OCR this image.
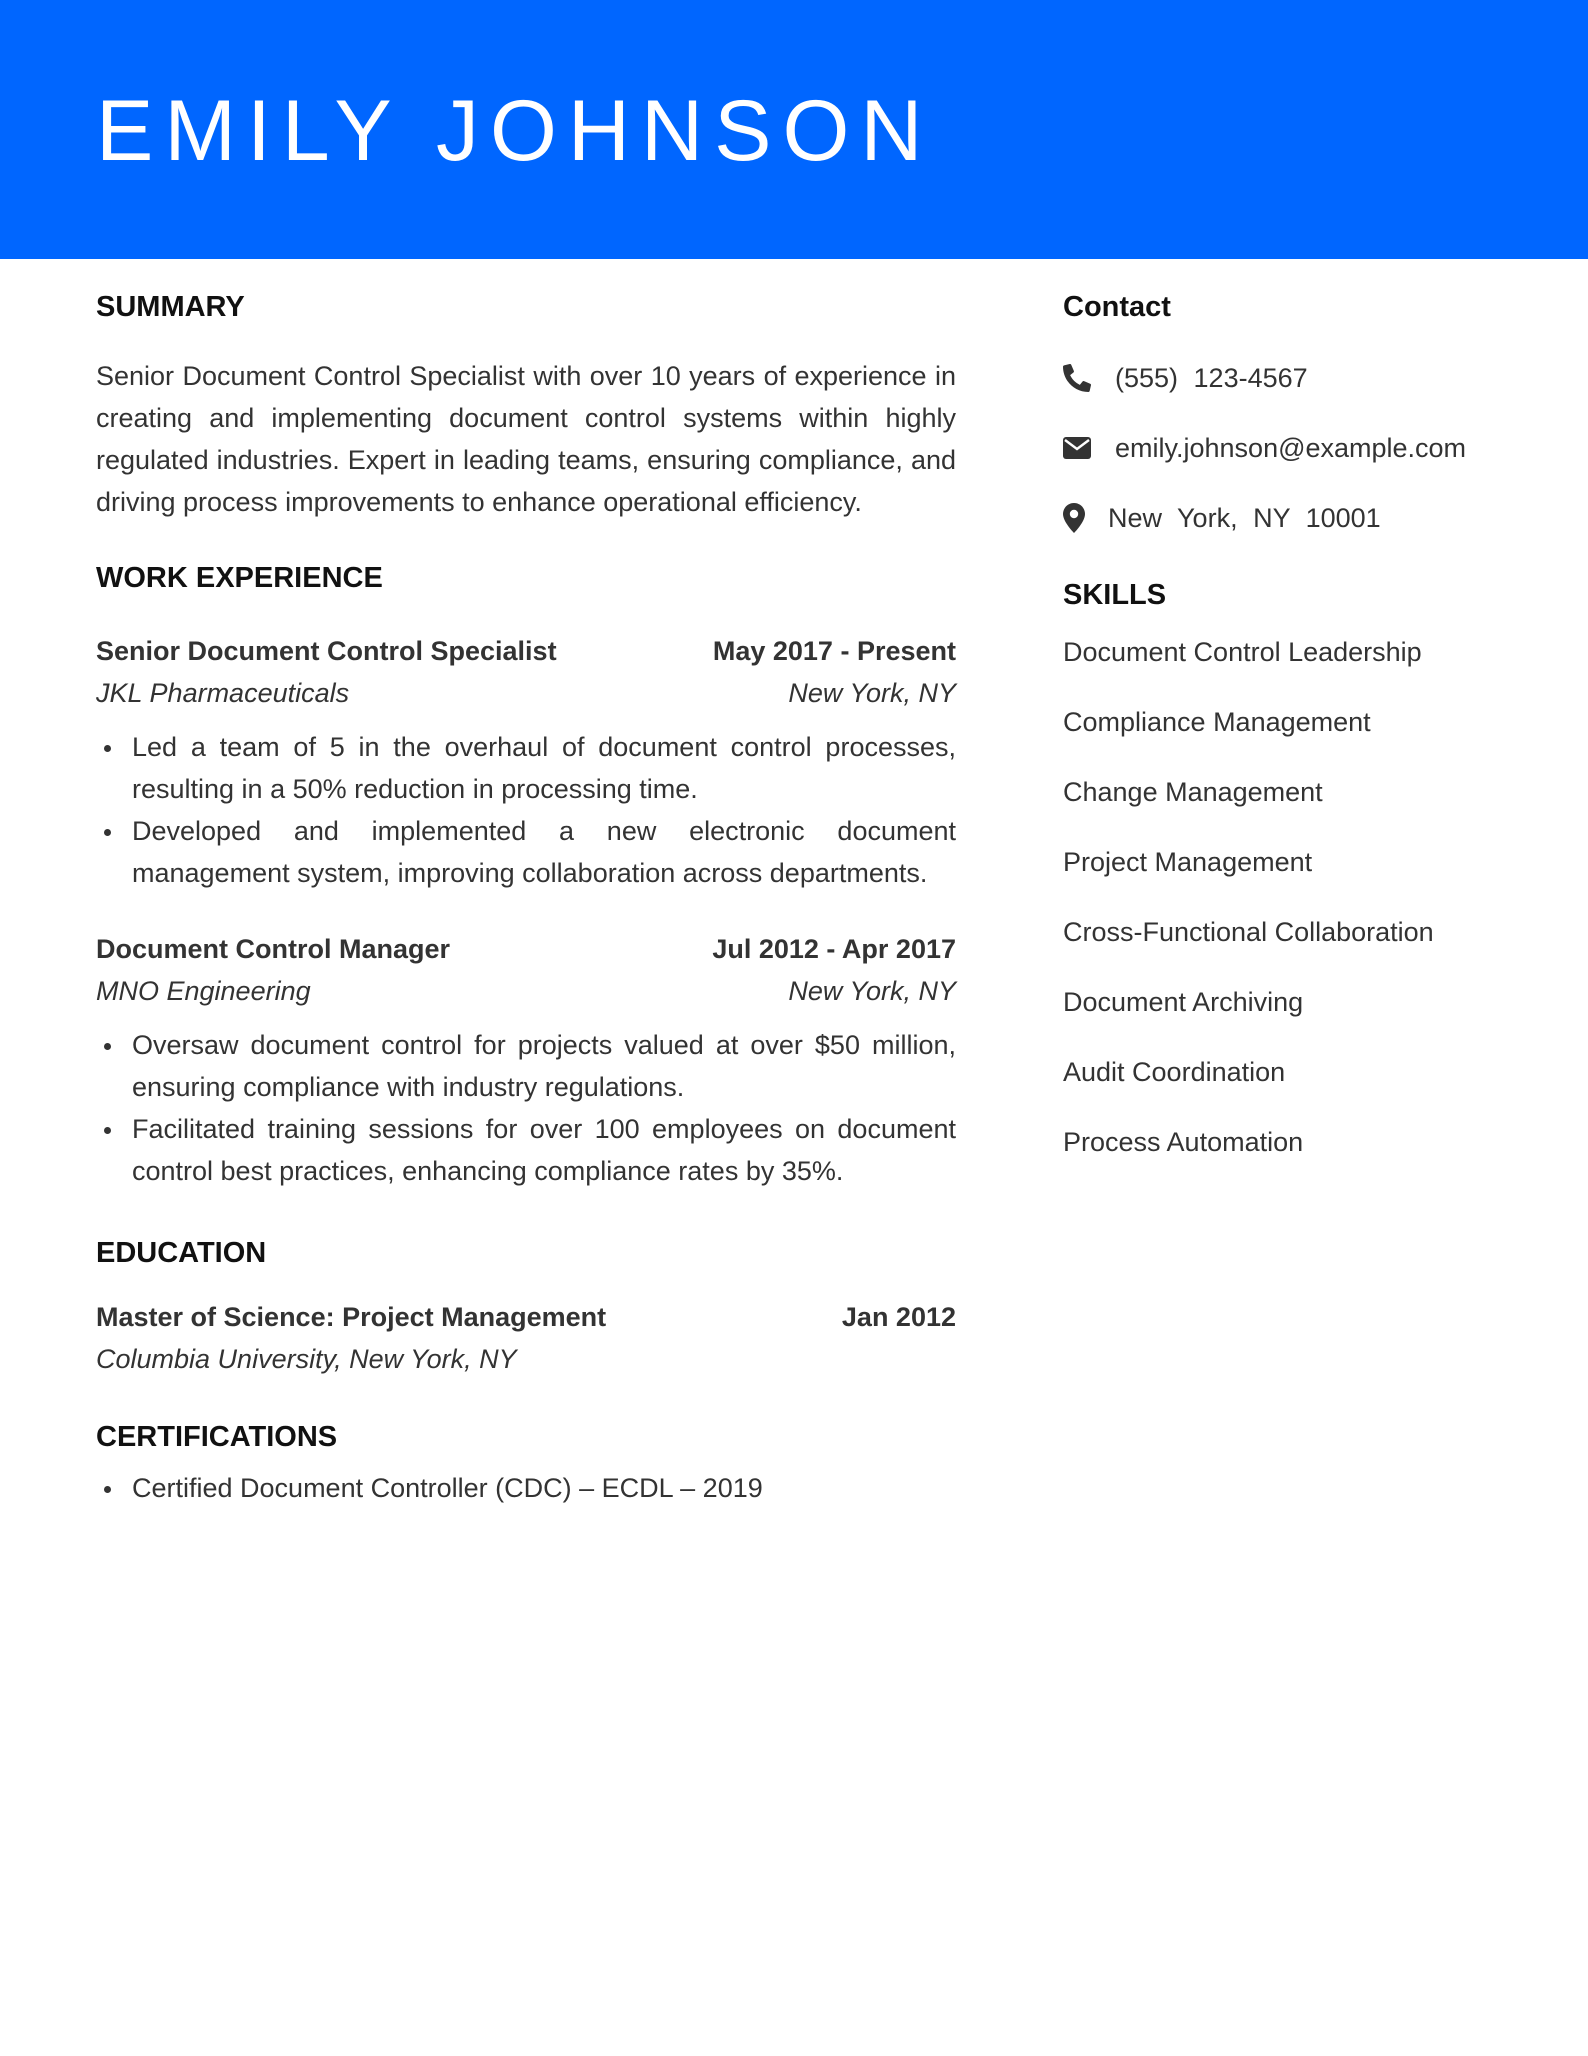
EMILY JOHNSON
SUMMARY

Senior Document Control Specialist with over 10 years of experience in creating and implementing document control systems within highly regulated industries. Expert in leading teams, ensuring compliance, and driving process improvements to enhance operational efficiency.

WORK EXPERIENCE
Senior Document Control Specialist	May 2017 - Present
JKL Pharmaceuticals	New York, NY
Led a team of 5 in the overhaul of document control processes, resulting in a 50% reduction in processing time.
Developed and implemented a new electronic document management system, improving collaboration across departments.
Document Control Manager	Jul 2012 - Apr 2017
MNO Engineering	New York, NY
Oversaw document control for projects valued at over $50 million, ensuring compliance with industry regulations.
Facilitated training sessions for over 100 employees on document control best practices, enhancing compliance rates by 35%.
EDUCATION
Master of Science: Project Management	Jan 2012
Columbia University, New York, NY
CERTIFICATIONS
Certified Document Controller (CDC) – ECDL – 2019
Contact
(555) 123-4567
emily.johnson@example.com
New York, NY 10001
SKILLS
Document Control Leadership
Compliance Management
Change Management
Project Management
Cross-Functional Collaboration
Document Archiving
Audit Coordination
Process Automation
